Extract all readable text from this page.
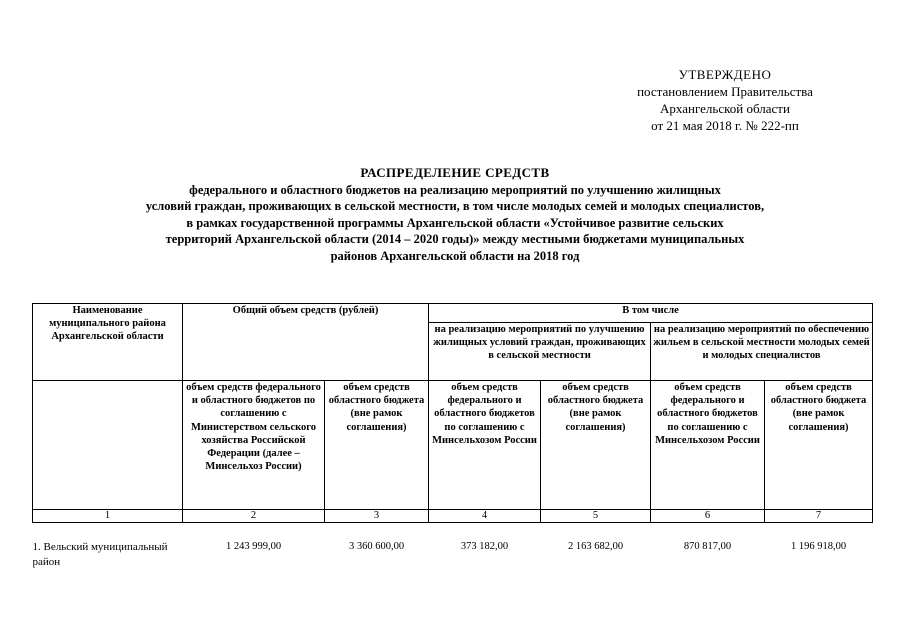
УТВЕРЖДЕНО
постановлением Правительства
Архангельской области
от 21 мая 2018 г. № 222-пп
РАСПРЕДЕЛЕНИЕ СРЕДСТВ
федерального и областного бюджетов на реализацию мероприятий по улучшению жилищных
условий граждан, проживающих в сельской местности, в том числе молодых семей и молодых специалистов,
в рамках государственной программы Архангельской области «Устойчивое развитие сельских
территорий Архангельской области (2014 – 2020 годы)» между местными бюджетами муниципальных
районов Архангельской области на 2018 год
Наименование муниципального района Архангельской области	Общий объем средств (рублей)		В том числе			
			на реализацию мероприятий по улучшению жилищных условий граждан, проживающих в сельской местности		на реализацию мероприятий по обеспечению жильем в сельской местности молодых семей и молодых специалистов	
	объем средств федерального и областного бюджетов по соглашению с Министерством сельского хозяйства Российской Федерации (далее – Минсельхоз России)	объем средств областного бюджета (вне рамок соглашения)	объем средств федерального и областного бюджетов по соглашению с Минсельхозом России	объем средств областного бюджета (вне рамок соглашения)	объем средств федерального и областного бюджетов по соглашению с Минсельхозом России	объем средств областного бюджета (вне рамок соглашения)
1	2	3	4	5	6	7
1. Вельский муниципальный район	1 243 999,00	3 360 600,00	373 182,00	2 163 682,00	870 817,00	1 196 918,00
